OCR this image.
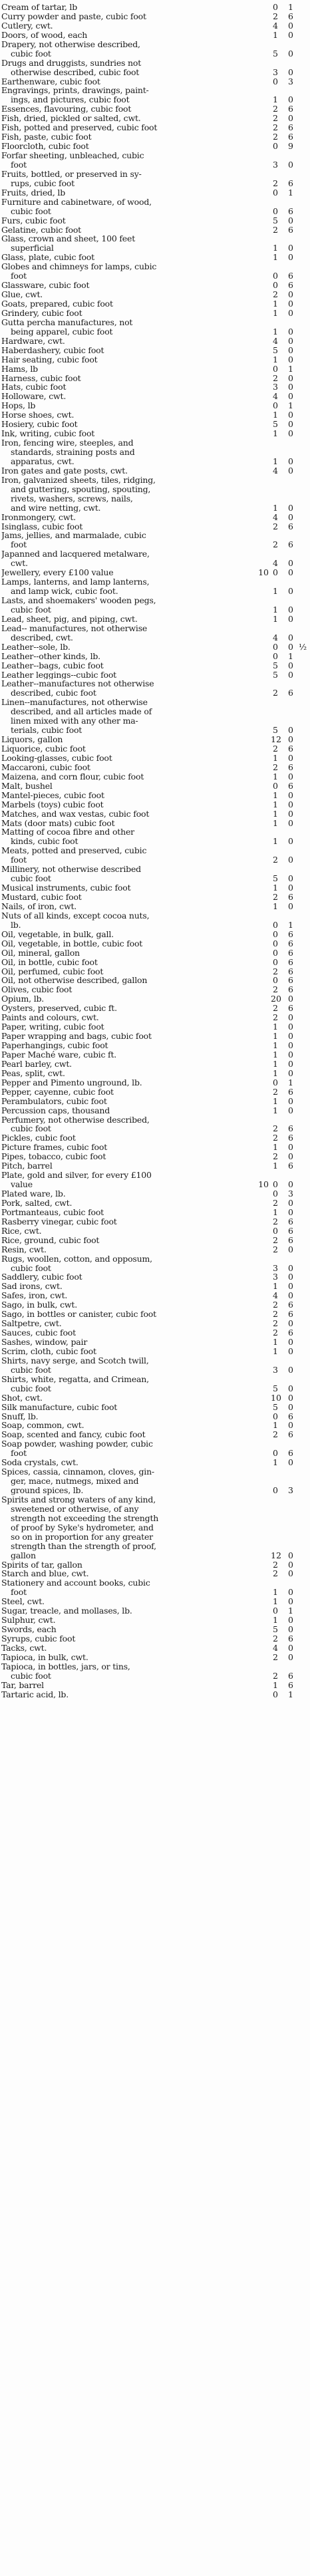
Cream of tartar, lb	0 1
Curry powder and paste, cubic foot	2 6
Cutlery, cwt.	4 0
Doors, of wood, each	1 0
Drapery, not otherwise described,
cubic foot	5 0
Drugs and druggists, sundries not
otherwise described, cubic foot	3 0
Earthenware, cubic foot	0 3
Engravings, prints, drawings, paint-
ings, and pictures, cubic foot	1 0
Essences, flavouring, cubic foot	2 6
Fish, dried, pickled or salted, cwt.	2 0
Fish, potted and preserved, cubic foot	2 6
Fish, paste, cubic foot	2 6
Floorcloth, cubic foot	0 9
Forfar sheeting, unbleached, cubic
foot	3 0
Fruits, bottled, or preserved in sy-
rups, cubic foot	2 6
Fruits, dried, lb	0 1
Furniture and cabinetware, of wood,
cubic foot	0 6
Furs, cubic foot	5 0
Gelatine, cubic foot	2 6
Glass, crown and sheet, 100 feet
superficial	1 0
Glass, plate, cubic foot	1 0
Globes and chimneys for lamps, cubic
foot	0 6
Glassware, cubic foot	0 6
Glue, cwt.	2 0
Goats, prepared, cubic foot	1 0
Grindery, cubic foot	1 0
Gutta percha manufactures, not
being apparel, cubic foot	1 0
Hardware, cwt.	4 0
Haberdashery, cubic foot	5 0
Hair seating, cubic foot	1 0
Hams, lb	0 1
Harness, cubic foot	2 0
Hats, cubic foot	3 0
Holloware, cwt.	4 0
Hops, lb	0 1
Horse shoes, cwt.	1 0
Hosiery, cubic foot	5 0
Ink, writing, cubic foot	1 0
Iron, fencing wire, steeples, and
standards, straining posts and
apparatus, cwt.	1 0
Iron gates and gate posts, cwt.	4 0
Iron, galvanized sheets, tiles, ridging,
and guttering, spouting, spouting,
rivets, washers, screws, nails,
and wire netting, cwt.	1 0
Ironmongery, cwt.	4 0
Isinglass, cubic foot	2 6
Jams, jellies, and marmalade, cubic
foot	2 6
Japanned and lacquered metalware,
cwt.	4 0
Jewellery, every £100 value	10 0 0
Lamps, lanterns, and lamp lanterns,
and lamp wick, cubic foot.	1 0
Lasts, and shoemakers' wooden pegs,
cubic foot	1 0
Lead, sheet, pig, and piping, cwt.	1 0
Lead-- manufactures, not otherwise
described, cwt.	4 0
Leather--sole, lb.	0 0 ½
Leather--other kinds, lb.	0 1
Leather--bags, cubic foot	5 0
Leather leggings--cubic foot	5 0
Leather--manufactures not otherwise
described, cubic foot	2 6
Linen--manufactures, not otherwise
described, and all articles made of
linen mixed with any other ma-
terials, cubic foot	5 0
Liquors, gallon	12 0
Liquorice, cubic foot	2 6
Looking-glasses, cubic foot	1 0
Maccaroni, cubic foot	2 6
Maizena, and corn flour, cubic foot	1 0
Malt, bushel	0 6
Mantel-pieces, cubic foot	1 0
Marbels (toys) cubic foot	1 0
Matches, and wax vestas, cubic foot	1 0
Mats (door mats) cubic foot	1 0
Matting of cocoa fibre and other
kinds, cubic foot	1 0
Meats, potted and preserved, cubic
foot	2 0
Millinery, not otherwise described
cubic foot	5 0
Musical instruments, cubic foot	1 0
Mustard, cubic foot	2 6
Nails, of iron, cwt.	1 0
Nuts of all kinds, except cocoa nuts,
lb.	0 1
Oil, vegetable, in bulk, gall.	0 6
Oil, vegetable, in bottle, cubic foot	0 6
Oil, mineral, gallon	0 6
Oil, in bottle, cubic foot	0 6
Oil, perfumed, cubic foot	2 6
Oil, not otherwise described, gallon	0 6
Olives, cubic foot	2 6
Opium, lb.	20 0
Oysters, preserved, cubic ft.	2 6
Paints and colours, cwt.	2 0
Paper, writing, cubic foot	1 0
Paper wrapping and bags, cubic foot	1 0
Paperhangings, cubic foot	1 0
Paper Maché ware, cubic ft.	1 0
Pearl barley, cwt.	1 0
Peas, split, cwt.	1 0
Pepper and Pimento unground, lb.	0 1
Pepper, cayenne, cubic foot	2 6
Perambulators, cubic foot	1 0
Percussion caps, thousand	1 0
Perfumery, not otherwise described,
cubic foot	2 6
Pickles, cubic foot	2 6
Picture frames, cubic foot	1 0
Pipes, tobacco, cubic foot	2 0
Pitch, barrel	1 6
Plate, gold and silver, for every £100
value	10 0 0
Plated ware, lb.	0 3
Pork, salted, cwt.	2 0
Portmanteaus, cubic foot	1 0
Rasberry vinegar, cubic foot	2 6
Rice, cwt.	0 6
Rice, ground, cubic foot	2 6
Resin, cwt.	2 0
Rugs, woollen, cotton, and opposum,
cubic foot	3 0
Saddlery, cubic foot	3 0
Sad irons, cwt.	1 0
Safes, iron, cwt.	4 0
Sago, in bulk, cwt.	2 6
Sago, in bottles or canister, cubic foot	2 6
Saltpetre, cwt.	2 0
Sauces, cubic foot	2 6
Sashes, window, pair	1 0
Scrim, cloth, cubic foot	1 0
Shirts, navy serge, and Scotch twill,
cubic foot	3 0
Shirts, white, regatta, and Crimean,
cubic foot	5 0
Shot, cwt.	10 0
Silk manufacture, cubic foot	5 0
Snuff, lb.	0 6
Soap, common, cwt.	1 0
Soap, scented and fancy, cubic foot	2 6
Soap powder, washing powder, cubic
foot	0 6
Soda crystals, cwt.	1 0
Spices, cassia, cinnamon, cloves, gin-
ger, mace, nutmegs, mixed and
ground spices, lb.	0 3
Spirits and strong waters of any kind,
sweetened or otherwise, of any
strength not exceeding the strength
of proof by Syke's hydrometer, and
so on in proportion for any greater
strength than the strength of proof,
gallon	12 0
Spirits of tar, gallon	2 0
Starch and blue, cwt.	2 0
Stationery and account books, cubic
foot	1 0
Steel, cwt.	1 0
Sugar, treacle, and mollases, lb.	0 1
Sulphur, cwt.	1 0
Swords, each	5 0
Syrups, cubic foot	2 6
Tacks, cwt.	4 0
Tapioca, in bulk, cwt.	2 0
Tapioca, in bottles, jars, or tins,
cubic foot	2 6
Tar, barrel	1 6
Tartaric acid, lb.	0 1
